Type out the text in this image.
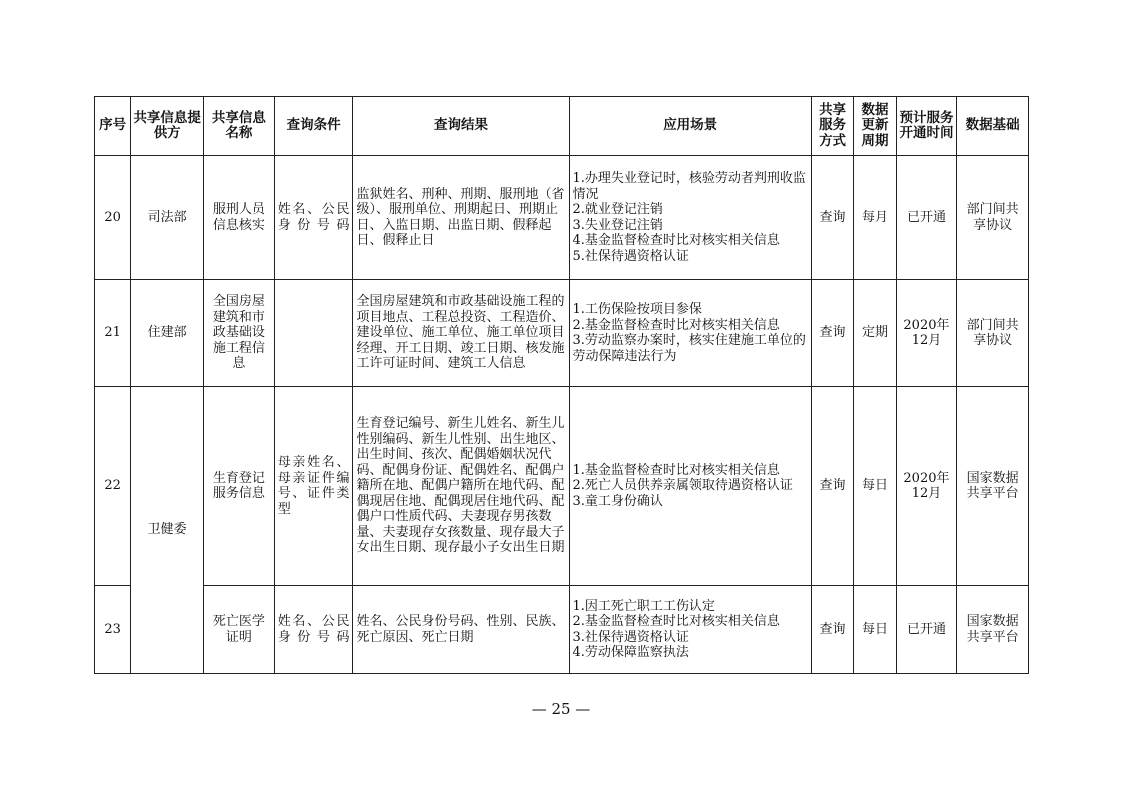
序号	共享信息提供方	共享信息名称	查询条件	查询结果	应用场景	共享服务方式	数据更新周期	预计服务开通时间	数据基础
20	司法部	服刑人员信息核实	姓名、公民身份号码	监狱姓名、刑种、刑期、服刑地（省级）、服刑单位、刑期起日、刑期止日、入监日期、出监日期、假释起日、假释止日	1.办理失业登记时，核验劳动者判刑收监情况
2.就业登记注销
3.失业登记注销
4.基金监督检查时比对核实相关信息
5.社保待遇资格认证	查询	每月	已开通	部门间共享协议
21	住建部	全国房屋建筑和市政基础设施工程信息		全国房屋建筑和市政基础设施工程的项目地点、工程总投资、工程造价、建设单位、施工单位、施工单位项目经理、开工日期、竣工日期、核发施工许可证时间、建筑工人信息	1.工伤保险按项目参保
2.基金监督检查时比对核实相关信息
3.劳动监察办案时，核实住建施工单位的劳动保障违法行为	查询	定期	2020年12月	部门间共享协议
22	卫健委	生育登记服务信息	母亲姓名、母亲证件编号、证件类型	生育登记编号、新生儿姓名、新生儿性别编码、新生儿性别、出生地区、出生时间、孩次、配偶婚姻状况代码、配偶身份证、配偶姓名、配偶户籍所在地、配偶户籍所在地代码、配偶现居住地、配偶现居住地代码、配偶户口性质代码、夫妻现存男孩数量、夫妻现存女孩数量、现存最大子女出生日期、现存最小子女出生日期	1.基金监督检查时比对核实相关信息
2.死亡人员供养亲属领取待遇资格认证
3.童工身份确认	查询	每日	2020年12月	国家数据共享平台
23		死亡医学证明	姓名、公民身份号码	姓名、公民身份号码、性别、民族、死亡原因、死亡日期	1.因工死亡职工工伤认定
2.基金监督检查时比对核实相关信息
3.社保待遇资格认证
4.劳动保障监察执法	查询	每日	已开通	国家数据共享平台
— 25 —
